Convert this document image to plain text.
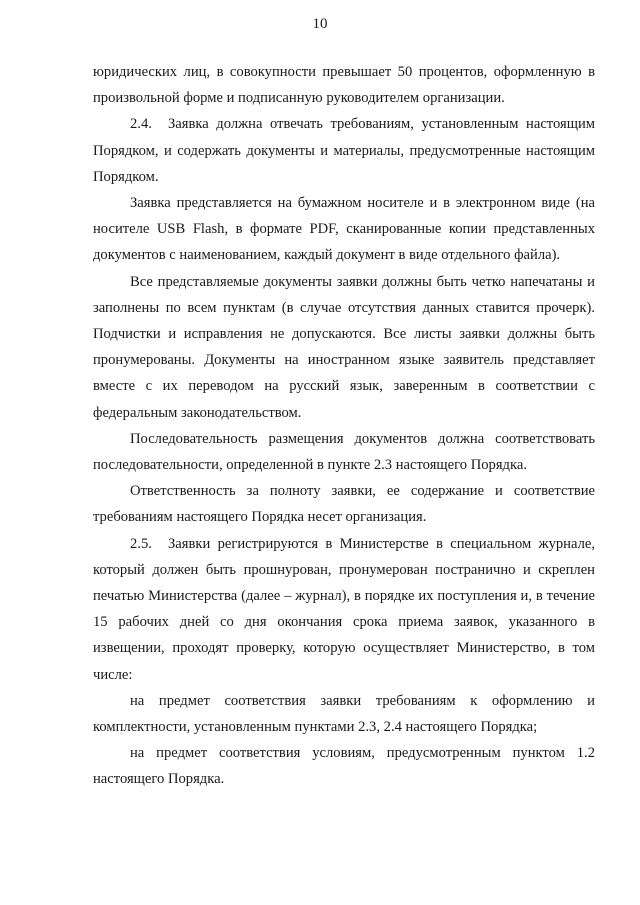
10

юридических лиц, в совокупности превышает 50 процентов, оформленную в произвольной форме и подписанную руководителем организации.

2.4. Заявка должна отвечать требованиям, установленным настоящим Порядком, и содержать документы и материалы, предусмотренные настоящим Порядком.

Заявка представляется на бумажном носителе и в электронном виде (на носителе USB Flash, в формате PDF, сканированные копии представленных документов с наименованием, каждый документ в виде отдельного файла).

Все представляемые документы заявки должны быть четко напечатаны и заполнены по всем пунктам (в случае отсутствия данных ставится прочерк). Подчистки и исправления не допускаются. Все листы заявки должны быть пронумерованы. Документы на иностранном языке заявитель представляет вместе с их переводом на русский язык, заверенным в соответствии с федеральным законодательством.

Последовательность размещения документов должна соответствовать последовательности, определенной в пункте 2.3 настоящего Порядка.

Ответственность за полноту заявки, ее содержание и соответствие требованиям настоящего Порядка несет организация.

2.5. Заявки регистрируются в Министерстве в специальном журнале, который должен быть прошнурован, пронумерован постранично и скреплен печатью Министерства (далее – журнал), в порядке их поступления и, в течение 15 рабочих дней со дня окончания срока приема заявок, указанного в извещении, проходят проверку, которую осуществляет Министерство, в том числе:

на предмет соответствия заявки требованиям к оформлению и комплектности, установленным пунктами 2.3, 2.4 настоящего Порядка;

на предмет соответствия условиям, предусмотренным пунктом 1.2 настоящего Порядка.
